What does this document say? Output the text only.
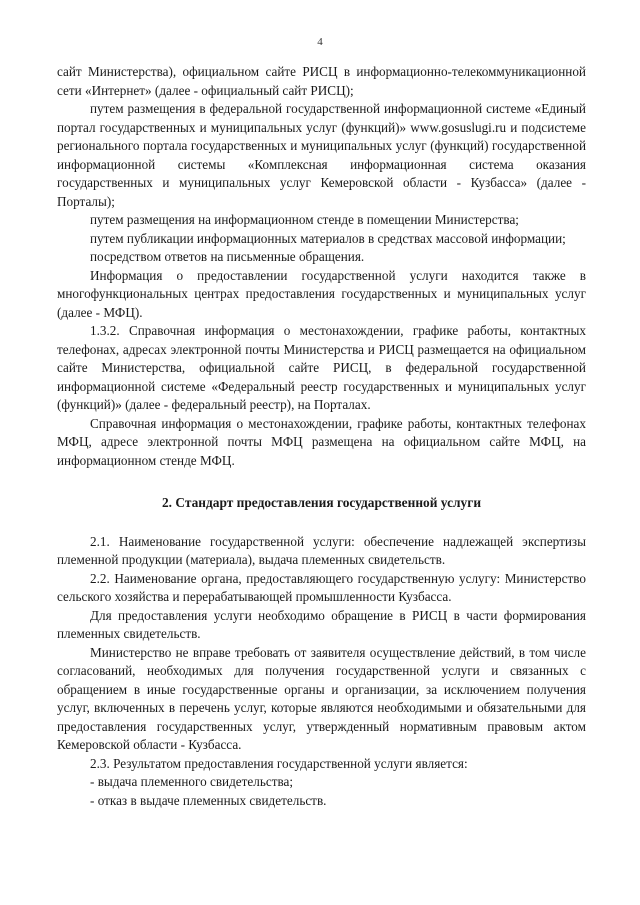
4

сайт Министерства), официальном сайте РИСЦ в информационно-телекоммуникационной сети «Интернет» (далее - официальный сайт РИСЦ);

путем размещения в федеральной государственной информационной системе «Единый портал государственных и муниципальных услуг (функций)» www.gosuslugi.ru и подсистеме регионального портала государственных и муниципальных услуг (функций) государственной информационной системы «Комплексная информационная система оказания государственных и муниципальных услуг Кемеровской области - Кузбасса» (далее - Порталы);

путем размещения на информационном стенде в помещении Министерства;

путем публикации информационных материалов в средствах массовой информации;

посредством ответов на письменные обращения.

Информация о предоставлении государственной услуги находится также в многофункциональных центрах предоставления государственных и муниципальных услуг (далее - МФЦ).

1.3.2. Справочная информация о местонахождении, графике работы, контактных телефонах, адресах электронной почты Министерства и РИСЦ размещается на официальном сайте Министерства, официальной сайте РИСЦ, в федеральной государственной информационной системе «Федеральный реестр государственных и муниципальных услуг (функций)» (далее - федеральный реестр), на Порталах.

Справочная информация о местонахождении, графике работы, контактных телефонах МФЦ, адресе электронной почты МФЦ размещена на официальном сайте МФЦ, на информационном стенде МФЦ.

2. Стандарт предоставления государственной услуги

2.1. Наименование государственной услуги: обеспечение надлежащей экспертизы племенной продукции (материала), выдача племенных свидетельств.

2.2. Наименование органа, предоставляющего государственную услугу: Министерство сельского хозяйства и перерабатывающей промышленности Кузбасса.

Для предоставления услуги необходимо обращение в РИСЦ в части формирования племенных свидетельств.

Министерство не вправе требовать от заявителя осуществление действий, в том числе согласований, необходимых для получения государственной услуги и связанных с обращением в иные государственные органы и организации, за исключением получения услуг, включенных в перечень услуг, которые являются необходимыми и обязательными для предоставления государственных услуг, утвержденный нормативным правовым актом Кемеровской области - Кузбасса.

2.3. Результатом предоставления государственной услуги является:

- выдача племенного свидетельства;

- отказ в выдаче племенных свидетельств.
